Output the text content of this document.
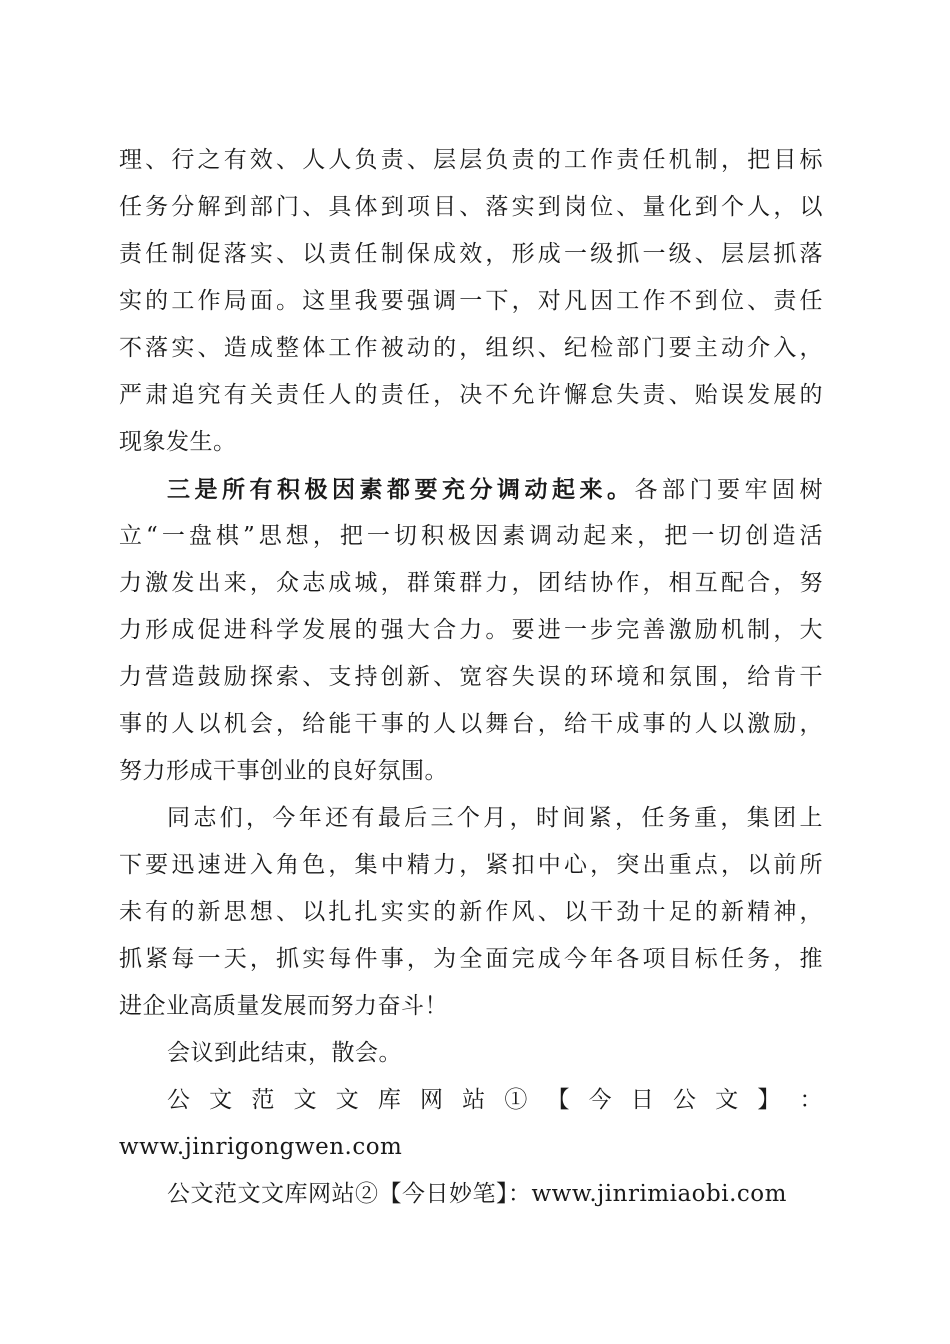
理、行之有效、人人负责、层层负责的工作责任机制，把目标
任务分解到部门、具体到项目、落实到岗位、量化到个人，以
责任制促落实、以责任制保成效，形成一级抓一级、层层抓落
实的工作局面。这里我要强调一下，对凡因工作不到位、责任
不落实、造成整体工作被动的，组织、纪检部门要主动介入，
严肃追究有关责任人的责任，决不允许懈怠失责、贻误发展的
现象发生。
三是所有积极因素都要充分调动起来。各部门要牢固树
立“一盘棋”思想，把一切积极因素调动起来，把一切创造活
力激发出来，众志成城，群策群力，团结协作，相互配合，努
力形成促进科学发展的强大合力。要进一步完善激励机制，大
力营造鼓励探索、支持创新、宽容失误的环境和氛围，给肯干
事的人以机会，给能干事的人以舞台，给干成事的人以激励，
努力形成干事创业的良好氛围。
同志们，今年还有最后三个月，时间紧，任务重，集团上
下要迅速进入角色，集中精力，紧扣中心，突出重点，以前所
未有的新思想、以扎扎实实的新作风、以干劲十足的新精神，
抓紧每一天，抓实每件事，为全面完成今年各项目标任务，推
进企业高质量发展而努力奋斗！
会议到此结束，散会。
公 文 范 文 文 库 网 站 ① 【 今 日 公 文 】 ：
www.jinrigongwen.com
公文范文文库网站②【今日妙笔】：www.jinrimiaobi.com
